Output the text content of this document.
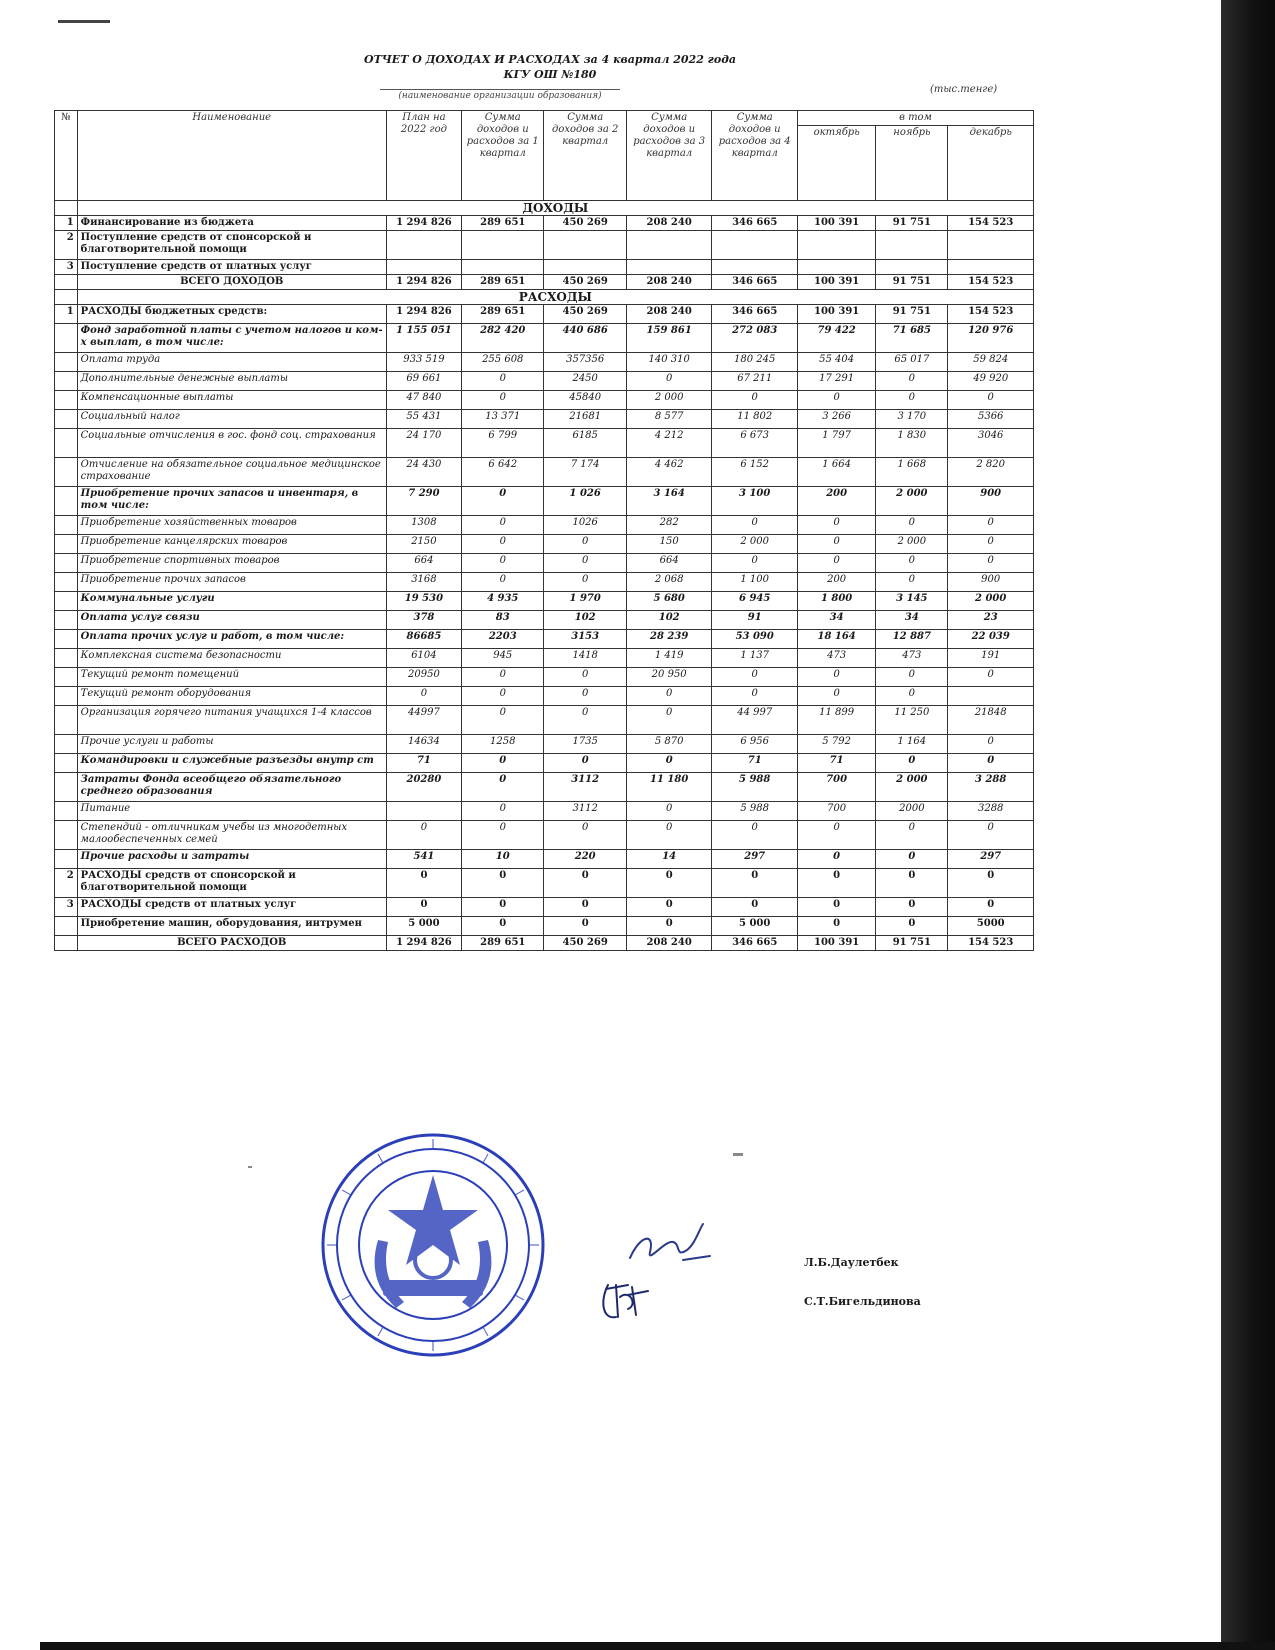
ОТЧЕТ О ДОХОДАХ И РАСХОДАХ за 4 квартал 2022 года
КГУ ОШ №180
(наименование организации образования)
(тыс.тенге)
№	Наименование	План на 2022 год	Сумма доходов и расходов за 1 квартал	Сумма доходов за 2 квартал	Сумма доходов и расходов за 3 квартал	Сумма доходов и расходов за 4 квартал	в том		
							октябрь	ноябрь	декабрь
	ДОХОДЫ								
1	Финансирование из бюджета	1 294 826	289 651	450 269	208 240	346 665	100 391	91 751	154 523
2	Поступление средств от спонсорской и благотворительной помощи								
3	Поступление средств от платных услуг								
	ВСЕГО ДОХОДОВ	1 294 826	289 651	450 269	208 240	346 665	100 391	91 751	154 523
	РАСХОДЫ								
1	РАСХОДЫ бюджетных средств:	1 294 826	289 651	450 269	208 240	346 665	100 391	91 751	154 523
	Фонд заработной платы с учетом налогов и ком-х выплат, в том числе:	1 155 051	282 420	440 686	159 861	272 083	79 422	71 685	120 976
	Оплата труда	933 519	255 608	357356	140 310	180 245	55 404	65 017	59 824
	Дополнительные денежные выплаты	69 661	0	2450	0	67 211	17 291	0	49 920
	Компенсационные выплаты	47 840	0	45840	2 000	0	0	0	0
	Социальный налог	55 431	13 371	21681	8 577	11 802	3 266	3 170	5366
	Социальные отчисления в гос. фонд соц. страхования	24 170	6 799	6185	4 212	6 673	1 797	1 830	3046
	Отчисление на обязательное социальное медицинское страхование	24 430	6 642	7 174	4 462	6 152	1 664	1 668	2 820
	Приобретение прочих запасов и инвентаря, в том числе:	7 290	0	1 026	3 164	3 100	200	2 000	900
	Приобретение хозяйственных товаров	1308	0	1026	282	0	0	0	0
	Приобретение канцелярских товаров	2150	0	0	150	2 000	0	2 000	0
	Приобретение спортивных товаров	664	0	0	664	0	0	0	0
	Приобретение прочих запасов	3168	0	0	2 068	1 100	200	0	900
	Коммунальные услуги	19 530	4 935	1 970	5 680	6 945	1 800	3 145	2 000
	Оплата услуг связи	378	83	102	102	91	34	34	23
	Оплата прочих услуг и работ, в том числе:	86685	2203	3153	28 239	53 090	18 164	12 887	22 039
	Комплексная система безопасности	6104	945	1418	1 419	1 137	473	473	191
	Текущий ремонт помещений	20950	0	0	20 950	0	0	0	0
	Текущий ремонт оборудования	0	0	0	0	0	0	0	
	Организация горячего питания учащихся 1-4 классов	44997	0	0	0	44 997	11 899	11 250	21848
	Прочие услуги и работы	14634	1258	1735	5 870	6 956	5 792	1 164	0
	Командировки и служебные разъезды внутр ст	71	0	0	0	71	71	0	0
	Затраты Фонда всеобщего обязательного среднего образования	20280	0	3112	11 180	5 988	700	2 000	3 288
	Питание		0	3112	0	5 988	700	2000	3288
	Степендий - отличникам учебы из многодетных малообеспеченных семей	0	0	0	0	0	0	0	0
	Прочие расходы и затраты	541	10	220	14	297	0	0	297
2	РАСХОДЫ средств от спонсорской и благотворительной помощи	0	0	0	0	0	0	0	0
3	РАСХОДЫ средств от платных услуг	0	0	0	0	0	0	0	0
	Приобретение машин, оборудования, интрумен	5 000	0	0	0	5 000	0	0	5000
	ВСЕГО РАСХОДОВ	1 294 826	289 651	450 269	208 240	346 665	100 391	91 751	154 523
Л.Б.Даулетбек
С.Т.Бигельдинова
